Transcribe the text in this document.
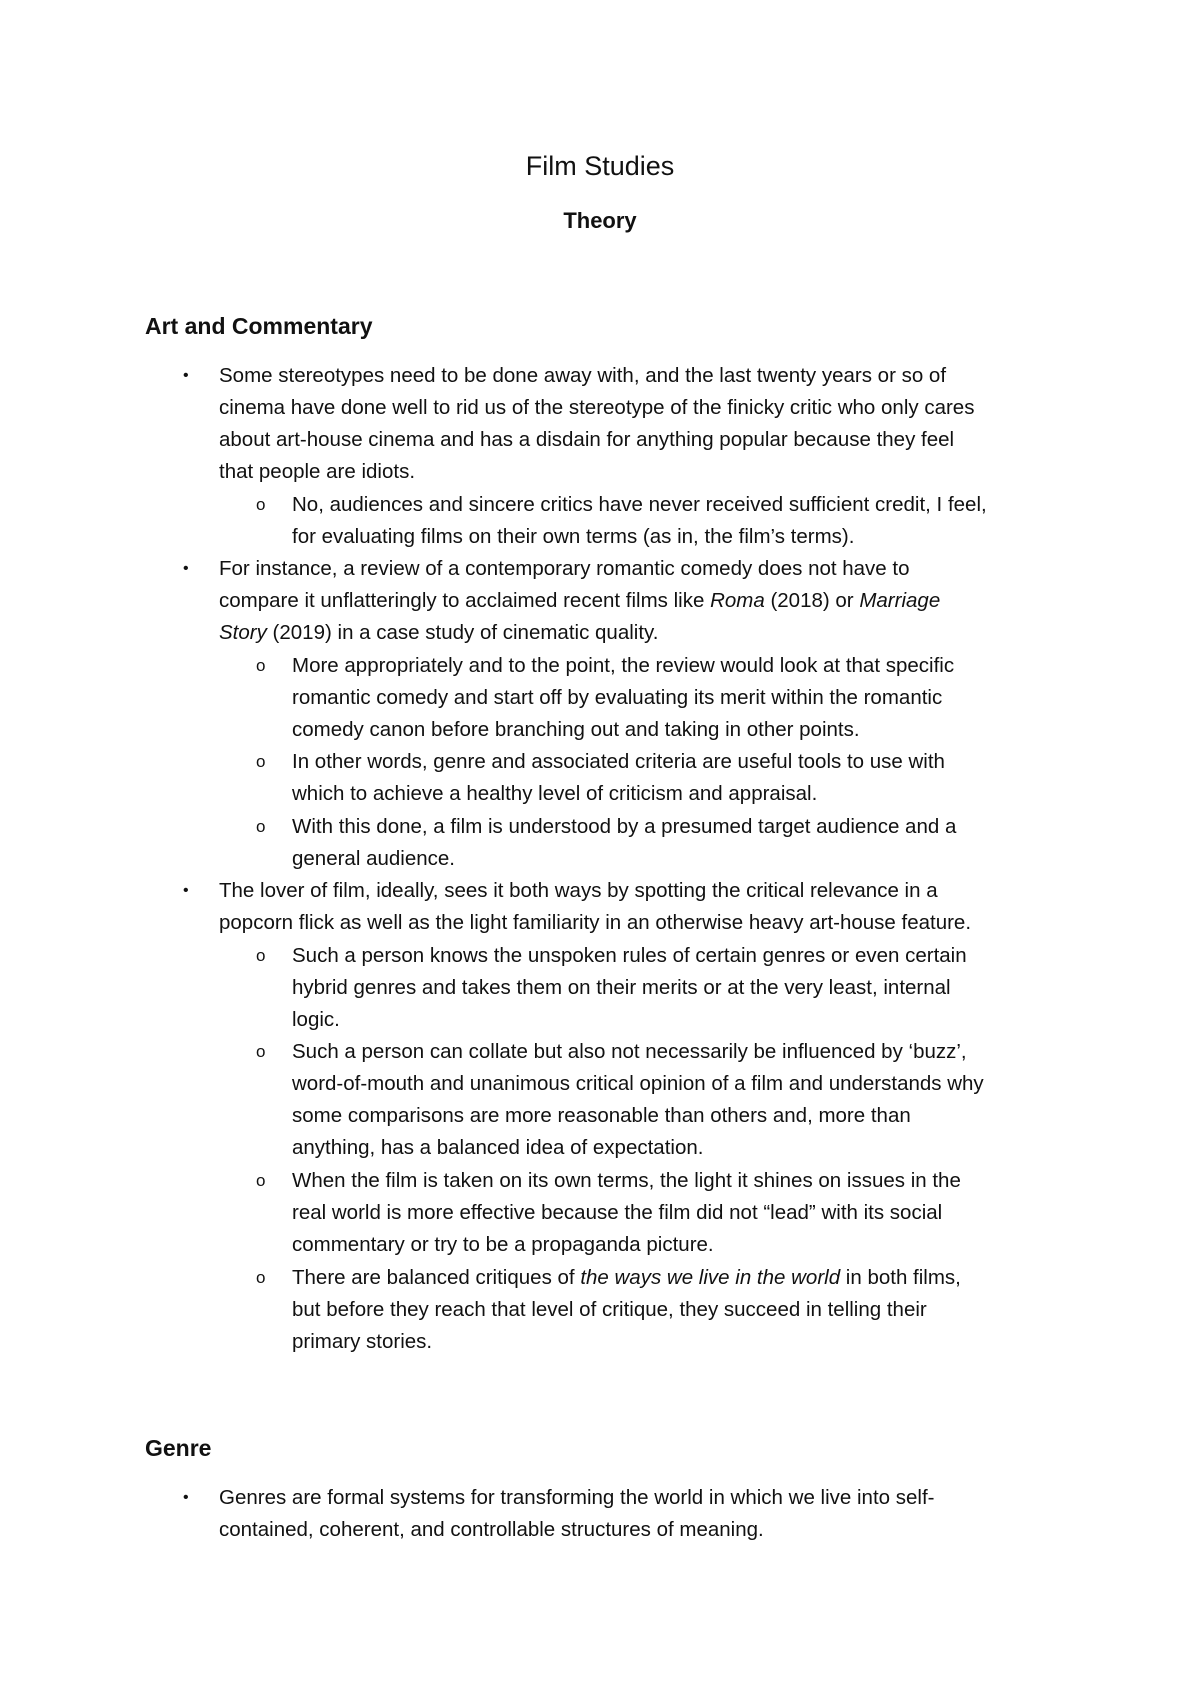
Film Studies
Theory
Art and Commentary
• Some stereotypes need to be done away with, and the last twenty years or so of
cinema have done well to rid us of the stereotype of the finicky critic who only cares
about art-house cinema and has a disdain for anything popular because they feel
that people are idiots.
o No, audiences and sincere critics have never received sufficient credit, I feel,
for evaluating films on their own terms (as in, the film’s terms).
• For instance, a review of a contemporary romantic comedy does not have to
compare it unflatteringly to acclaimed recent films like Roma (2018) or Marriage
Story (2019) in a case study of cinematic quality.
o More appropriately and to the point, the review would look at that specific
romantic comedy and start off by evaluating its merit within the romantic
comedy canon before branching out and taking in other points.
o In other words, genre and associated criteria are useful tools to use with
which to achieve a healthy level of criticism and appraisal.
o With this done, a film is understood by a presumed target audience and a
general audience.
• The lover of film, ideally, sees it both ways by spotting the critical relevance in a
popcorn flick as well as the light familiarity in an otherwise heavy art-house feature.
o Such a person knows the unspoken rules of certain genres or even certain
hybrid genres and takes them on their merits or at the very least, internal
logic.
o Such a person can collate but also not necessarily be influenced by ‘buzz’,
word-of-mouth and unanimous critical opinion of a film and understands why
some comparisons are more reasonable than others and, more than
anything, has a balanced idea of expectation.
o When the film is taken on its own terms, the light it shines on issues in the
real world is more effective because the film did not “lead” with its social
commentary or try to be a propaganda picture.
o There are balanced critiques of the ways we live in the world in both films,
but before they reach that level of critique, they succeed in telling their
primary stories.
Genre
• Genres are formal systems for transforming the world in which we live into self-
contained, coherent, and controllable structures of meaning.
